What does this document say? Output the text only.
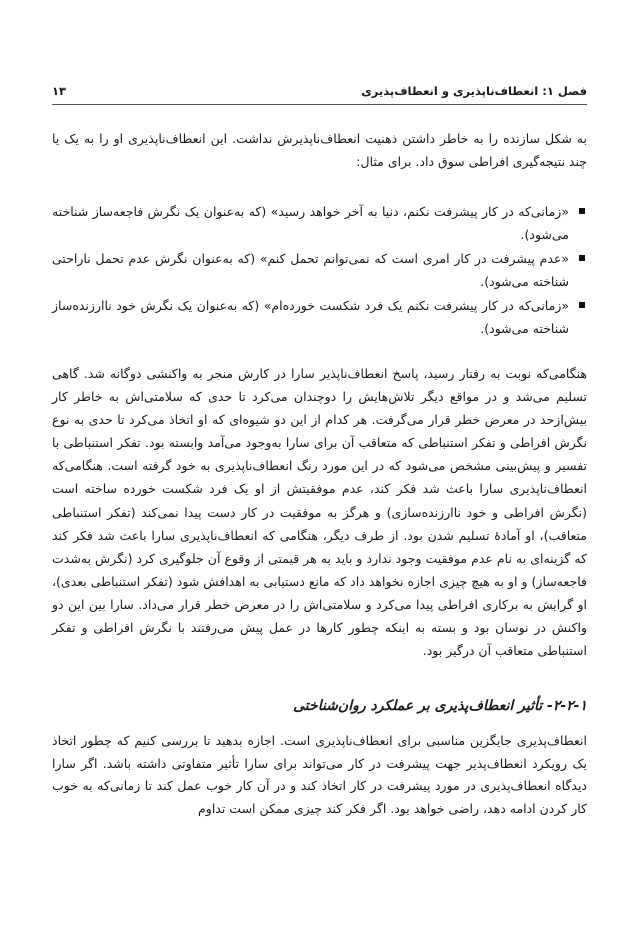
فصل ۱: انعطاف‌ناپذیری و انعطاف‌پذیری
۱۳

به شکل سازنده را به خاطر داشتن ذهنیت انعطاف‌ناپذیرش نداشت. این انعطاف‌ناپذیری او را به یک یا چند نتیجه‌گیری افراطی سوق داد. برای مثال:

«زمانی‌که در کار پیشرفت نکنم، دنیا به آخر خواهد رسید» (که به‌عنوان یک نگرش فاجعه‌ساز شناخته می‌شود).
«عدم پیشرفت در کار امری است که نمی‌توانم تحمل کنم» (که به‌عنوان نگرش عدم تحمل ناراحتی شناخته می‌شود).
«زمانی‌که در کار پیشرفت نکنم یک فرد شکست خورده‌ام» (که به‌عنوان یک نگرش خود ناارزنده‌ساز شناخته می‌شود).

هنگامی‌که نوبت به رفتار رسید، پاسخ انعطاف‌ناپذیر سارا در کارش منجر به واکنشی دوگانه شد. گاهی تسلیم می‌شد و در مواقع دیگر تلاش‌هایش را دوچندان می‌کرد تا حدی که سلامتی‌اش به خاطر کار بیش‌ازحد در معرض خطر قرار می‌گرفت. هر کدام از این دو شیوه‌ای که او اتخاذ می‌کرد تا حدی به نوع نگرش افراطی و تفکر استنباطی که متعاقب آن برای سارا به‌وجود می‌آمد وابسته بود. تفکر استنباطی با تفسیر و پیش‌بینی مشخص می‌شود که در این مورد رنگ انعطاف‌ناپذیری به خود گرفته است. هنگامی‌که انعطاف‌ناپذیری سارا باعث شد فکر کند، عدم موفقیتش از او یک فرد شکست خورده ساخته است (نگرش افراطی و خود ناارزنده‌سازی) و هرگز به موفقیت در کار دست پیدا نمی‌کند (تفکر استنباطی متعاقب)، او آمادهٔ تسلیم شدن بود. از طرف دیگر، هنگامی که انعطاف‌ناپذیری سارا باعث شد فکر کند که گزینه‌ای به نام عدم موفقیت وجود ندارد و باید به هر قیمتی از وقوع آن جلوگیری کرد (نگرش به‌شدت فاجعه‌ساز) و او به هیچ چیزی اجازه نخواهد داد که مانع دستیابی به اهدافش شود (تفکر استنباطی بعدی)، او گرایش به برکاری افراطی پیدا می‌کرد و سلامتی‌اش را در معرض خطر قرار می‌داد. سارا بین این دو واکنش در نوسان بود و بسته به اینکه چطور کارها در عمل پیش می‌رفتند با نگرش افراطی و تفکر استنباطی متعاقب آن درگیر بود.

۲-۲-۱- تأثیر انعطاف‌پذیری بر عملکرد روان‌شناختی

انعطاف‌پذیری جایگزین مناسبی برای انعطاف‌ناپذیری است. اجازه بدهید تا بررسی کنیم که چطور اتخاذ یک رویکرد انعطاف‌پذیر جهت پیشرفت در کار می‌تواند برای سارا تأثیر متفاوتی داشته باشد. اگر سارا دیدگاه انعطاف‌پذیری در مورد پیشرفت در کار اتخاذ کند و در آن کار خوب عمل کند تا زمانی‌که به خوب کار کردن ادامه دهد، راضی خواهد بود. اگر فکر کند چیزی ممکن است تداوم
